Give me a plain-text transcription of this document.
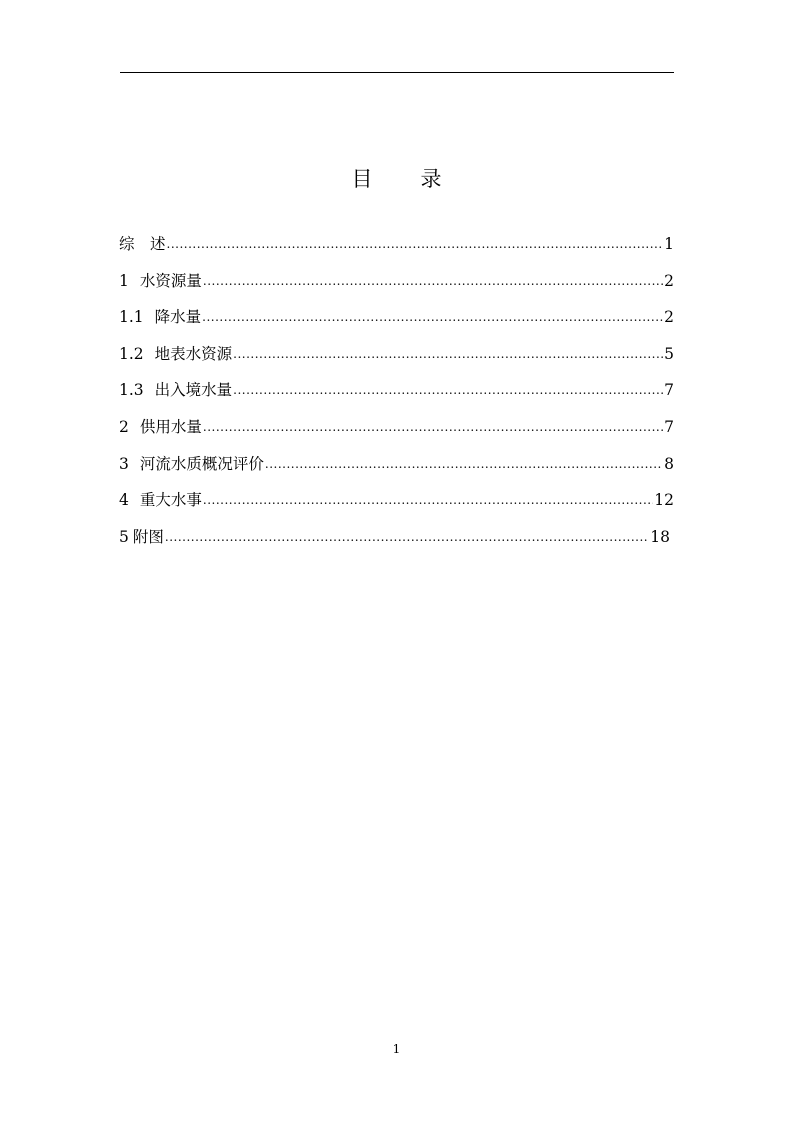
目 录
综　述 .....	1
1 水资源量 .....	2
1.1 降水量 .....	2
1.2 地表水资源 .....	5
1.3 出入境水量 .....	7
2 供用水量 .....	7
3 河流水质概况评价 .....	8
4 重大水事 .....	12
5 附图 .....	18
1
